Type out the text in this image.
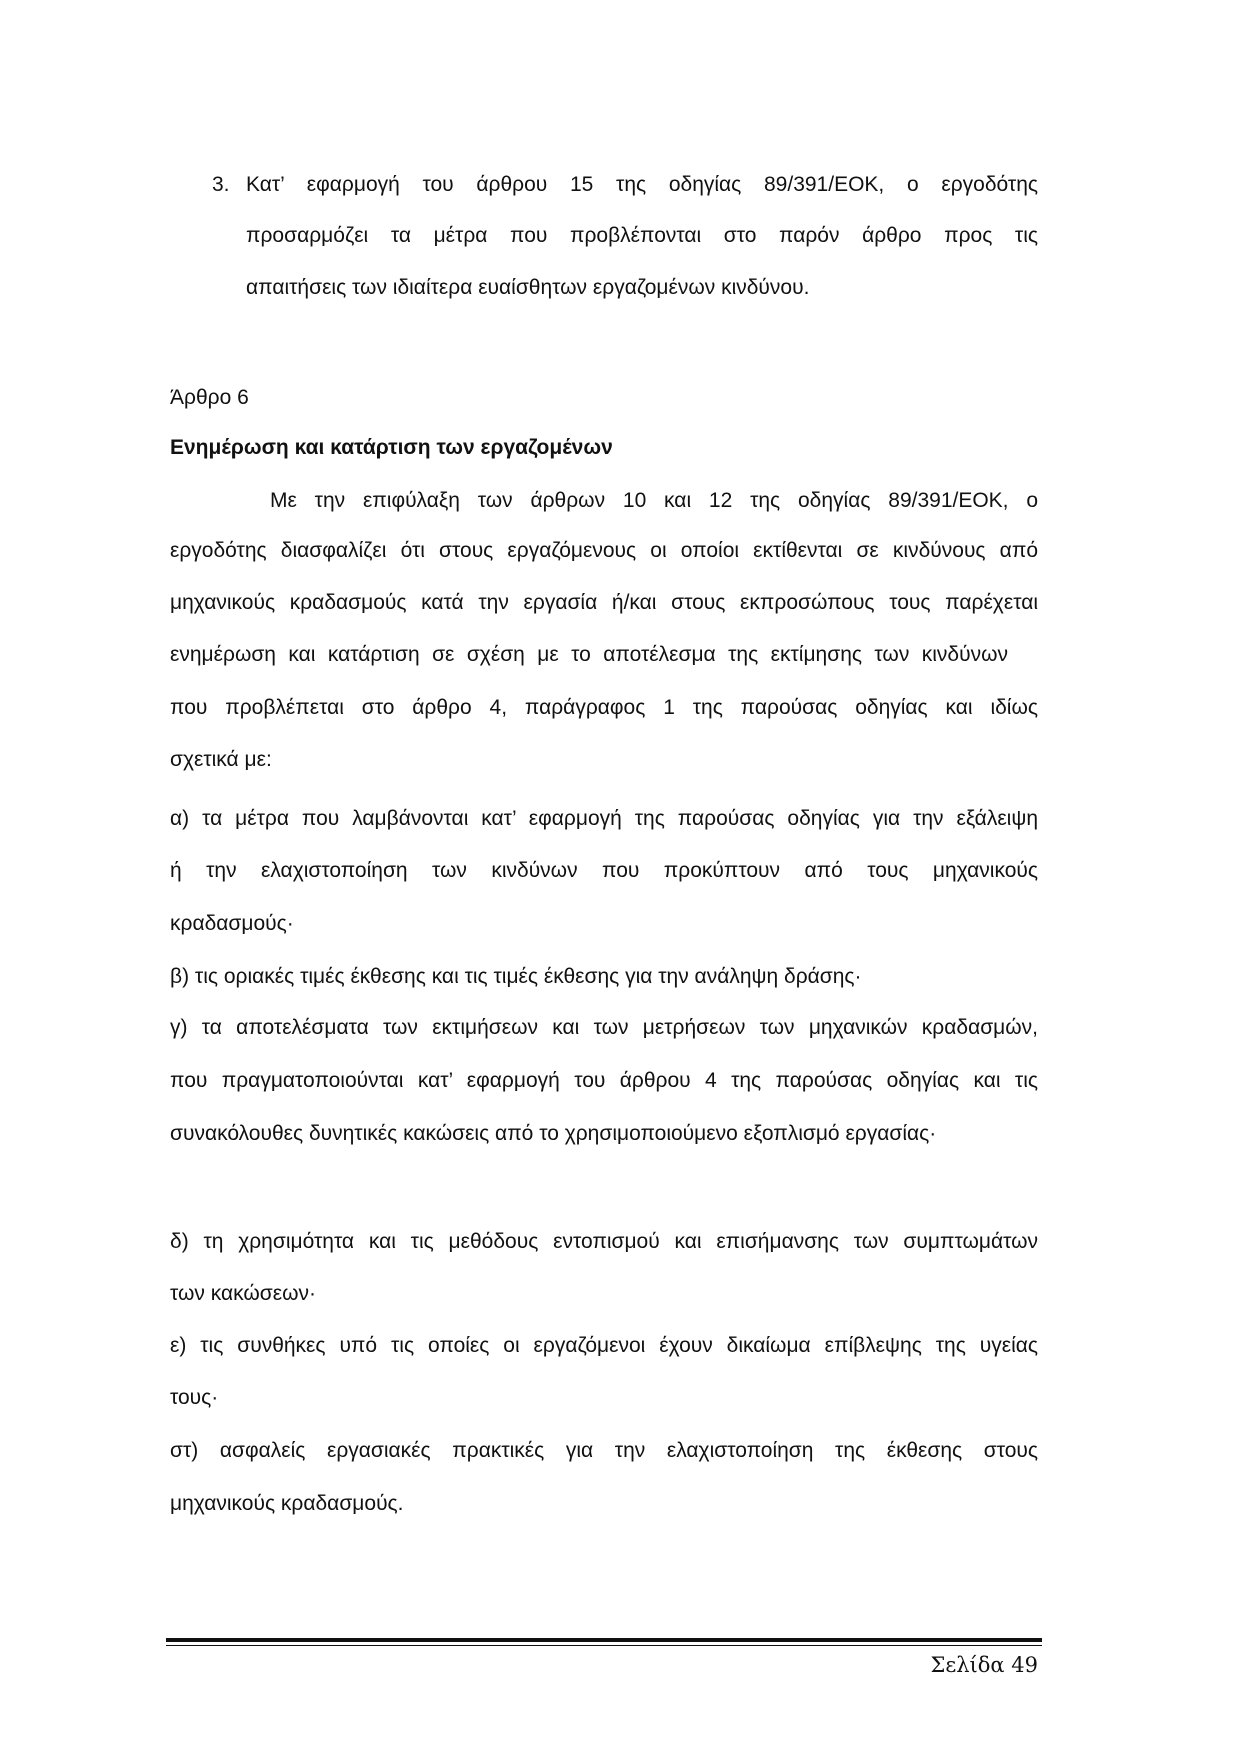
3. Κατ’ εφαρμογή του άρθρου 15 της οδηγίας 89/391/ΕΟΚ, ο εργοδότης
προσαρμόζει τα μέτρα που προβλέπονται στο παρόν άρθρο προς τις
απαιτήσεις των ιδιαίτερα ευαίσθητων εργαζομένων κινδύνου.
Άρθρο 6
Ενημέρωση και κατάρτιση των εργαζομένων
Με την επιφύλαξη των άρθρων 10 και 12 της οδηγίας 89/391/ΕΟΚ, ο
εργοδότης διασφαλίζει ότι στους εργαζόμενους οι οποίοι εκτίθενται σε κινδύνους από
μηχανικούς κραδασμούς κατά την εργασία ή/και στους εκπροσώπους τους παρέχεται
ενημέρωση και κατάρτιση σε σχέση με το αποτέλεσμα της εκτίμησης των κινδύνων
που προβλέπεται στο άρθρο 4, παράγραφος 1 της παρούσας οδηγίας και ιδίως
σχετικά με:
α) τα μέτρα που λαμβάνονται κατ’ εφαρμογή της παρούσας οδηγίας για την εξάλειψη
ή την ελαχιστοποίηση των κινδύνων που προκύπτουν από τους μηχανικούς
κραδασμούς·
β) τις οριακές τιμές έκθεσης και τις τιμές έκθεσης για την ανάληψη δράσης·
γ) τα αποτελέσματα των εκτιμήσεων και των μετρήσεων των μηχανικών κραδασμών,
που πραγματοποιούνται κατ’ εφαρμογή του άρθρου 4 της παρούσας οδηγίας και τις
συνακόλουθες δυνητικές κακώσεις από το χρησιμοποιούμενο εξοπλισμό εργασίας·
δ) τη χρησιμότητα και τις μεθόδους εντοπισμού και επισήμανσης των συμπτωμάτων
των κακώσεων·
ε) τις συνθήκες υπό τις οποίες οι εργαζόμενοι έχουν δικαίωμα επίβλεψης της υγείας
τους·
στ) ασφαλείς εργασιακές πρακτικές για την ελαχιστοποίηση της έκθεσης στους
μηχανικούς κραδασμούς.
Σελίδα 49
